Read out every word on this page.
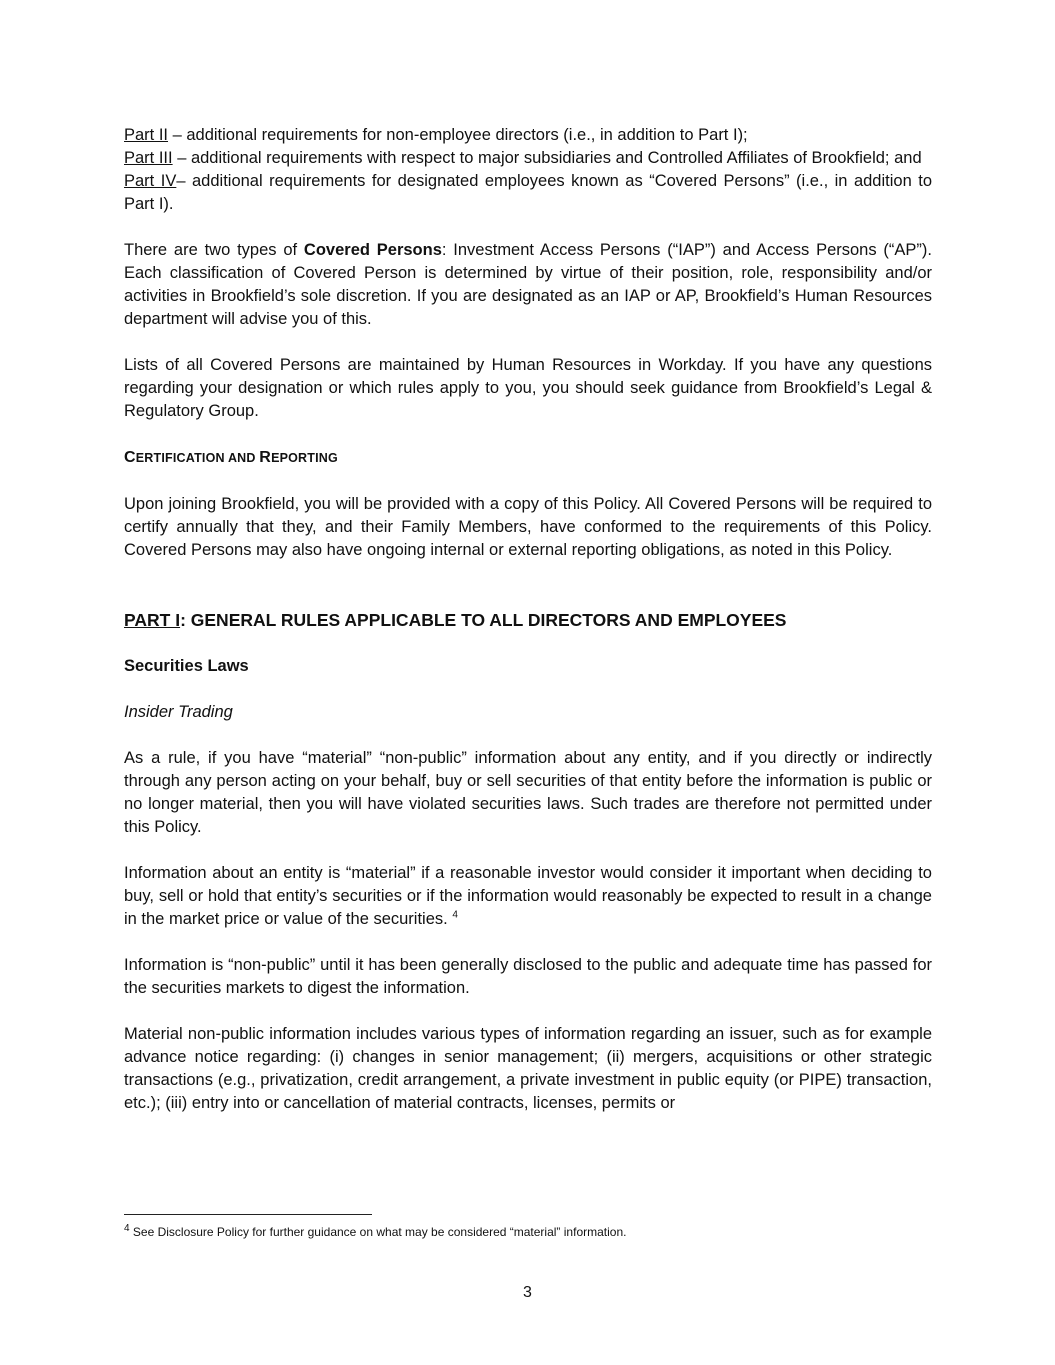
Part II – additional requirements for non-employee directors (i.e., in addition to Part I);

Part III – additional requirements with respect to major subsidiaries and Controlled Affiliates of Brookfield; and

Part IV– additional requirements for designated employees known as “Covered Persons” (i.e., in addition to Part I).

There are two types of Covered Persons: Investment Access Persons (“IAP”) and Access Persons (“AP”). Each classification of Covered Person is determined by virtue of their position, role, responsibility and/or activities in Brookfield’s sole discretion. If you are designated as an IAP or AP, Brookfield’s Human Resources department will advise you of this.

Lists of all Covered Persons are maintained by Human Resources in Workday. If you have any questions regarding your designation or which rules apply to you, you should seek guidance from Brookfield’s Legal & Regulatory Group.

CERTIFICATION AND REPORTING

Upon joining Brookfield, you will be provided with a copy of this Policy. All Covered Persons will be required to certify annually that they, and their Family Members, have conformed to the requirements of this Policy. Covered Persons may also have ongoing internal or external reporting obligations, as noted in this Policy.

PART I: GENERAL RULES APPLICABLE TO ALL DIRECTORS AND EMPLOYEES

Securities Laws

Insider Trading

As a rule, if you have “material” “non-public” information about any entity, and if you directly or indirectly through any person acting on your behalf, buy or sell securities of that entity before the information is public or no longer material, then you will have violated securities laws. Such trades are therefore not permitted under this Policy.

Information about an entity is “material” if a reasonable investor would consider it important when deciding to buy, sell or hold that entity’s securities or if the information would reasonably be expected to result in a change in the market price or value of the securities. $^4$

Information is “non-public” until it has been generally disclosed to the public and adequate time has passed for the securities markets to digest the information.

Material non-public information includes various types of information regarding an issuer, such as for example advance notice regarding: (i) changes in senior management; (ii) mergers, acquisitions or other strategic transactions (e.g., privatization, credit arrangement, a private investment in public equity (or PIPE) transaction, etc.); (iii) entry into or cancellation of material contracts, licenses, permits or

$^4$ See Disclosure Policy for further guidance on what may be considered “material” information.
3
